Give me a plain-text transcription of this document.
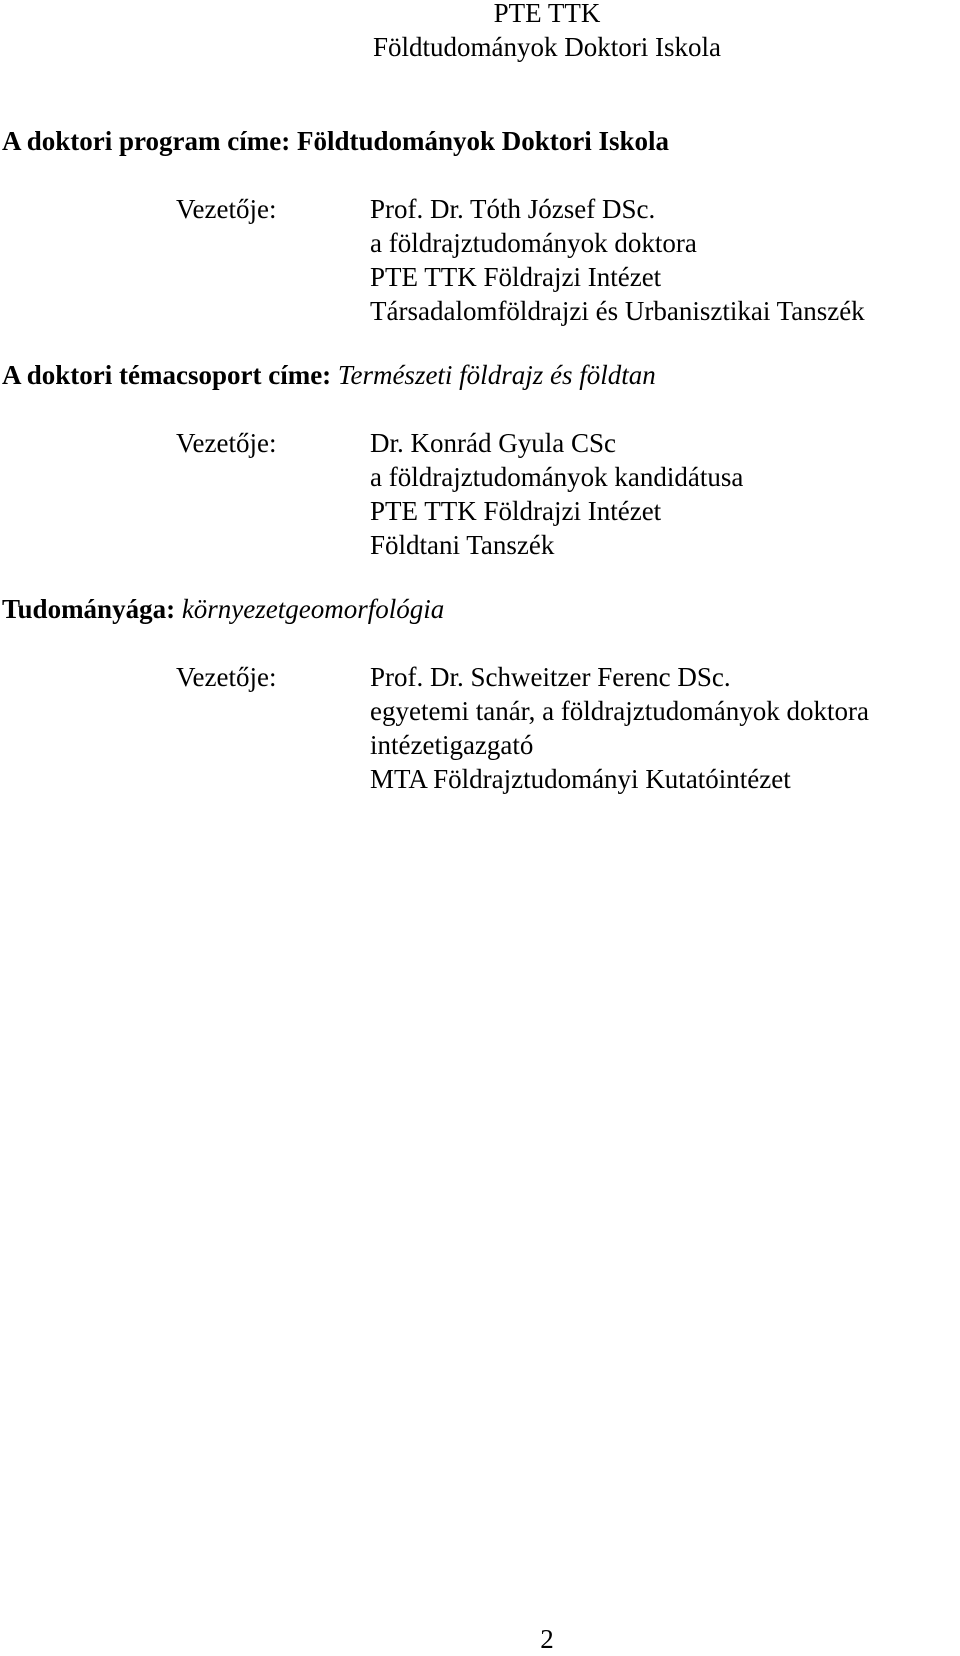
PTE TTK
Földtudományok Doktori Iskola
A doktori program címe: Földtudományok Doktori Iskola
Vezetője:	Prof. Dr. Tóth József DSc.
a földrajztudományok doktora
PTE TTK Földrajzi Intézet
Társadalomföldrajzi és Urbanisztikai Tanszék
A doktori témacsoport címe: Természeti földrajz és földtan
Vezetője:	Dr. Konrád Gyula CSc
a földrajztudományok kandidátusa
PTE TTK Földrajzi Intézet
Földtani Tanszék
Tudományága: környezetgeomorfológia
Vezetője:	Prof. Dr. Schweitzer Ferenc DSc.
egyetemi tanár, a földrajztudományok doktora
intézetigazgató
MTA Földrajztudományi Kutatóintézet
2
